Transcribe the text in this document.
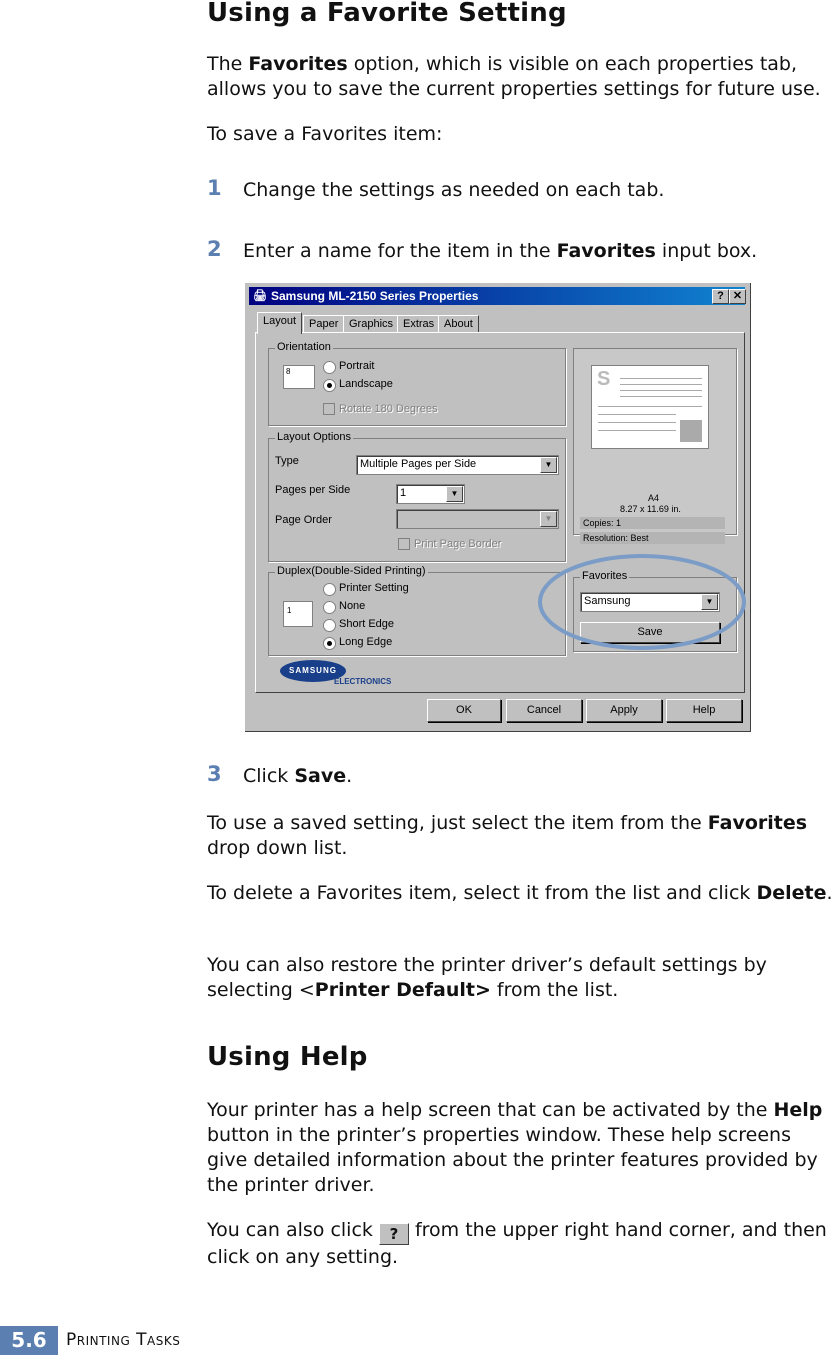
Using a Favorite Setting

The Favorites option, which is visible on each properties tab, allows you to save the current properties settings for future use.

To save a Favorites item:

1 Change the settings as needed on each tab.
2 Enter a name for the item in the Favorites input box.
🖨 Samsung ML-2150 Series Properties	? ✕
Layout	Paper Graphics Extras About
Orientation
8	Portrait
Landscape
Rotate 180 Degrees
Layout Options
Type	Multiple Pages per Side	▼
Pages per Side	1	▼
Page Order	▼
Print Page Border
Duplex(Double-Sided Printing)
1
Printer Setting
None
Short Edge
Long Edge
S
A4
8.27 x 11.69 in.
Copies: 1
Resolution: Best
Favorites
Samsung	▼
Save
SAMSUNG
ELECTRONICS
OK	Cancel	Apply	Help
3 Click Save.

To use a saved setting, just select the item from the Favorites drop down list.

To delete a Favorites item, select it from the list and click Delete.

You can also restore the printer driver’s default settings by selecting <Printer Default> from the list.

Using Help

Your printer has a help screen that can be activated by the Help button in the printer’s properties window. These help screens give detailed information about the printer features provided by the printer driver.

You can also click ? from the upper right hand corner, and then click on any setting.

5.6	Printing Tasks
